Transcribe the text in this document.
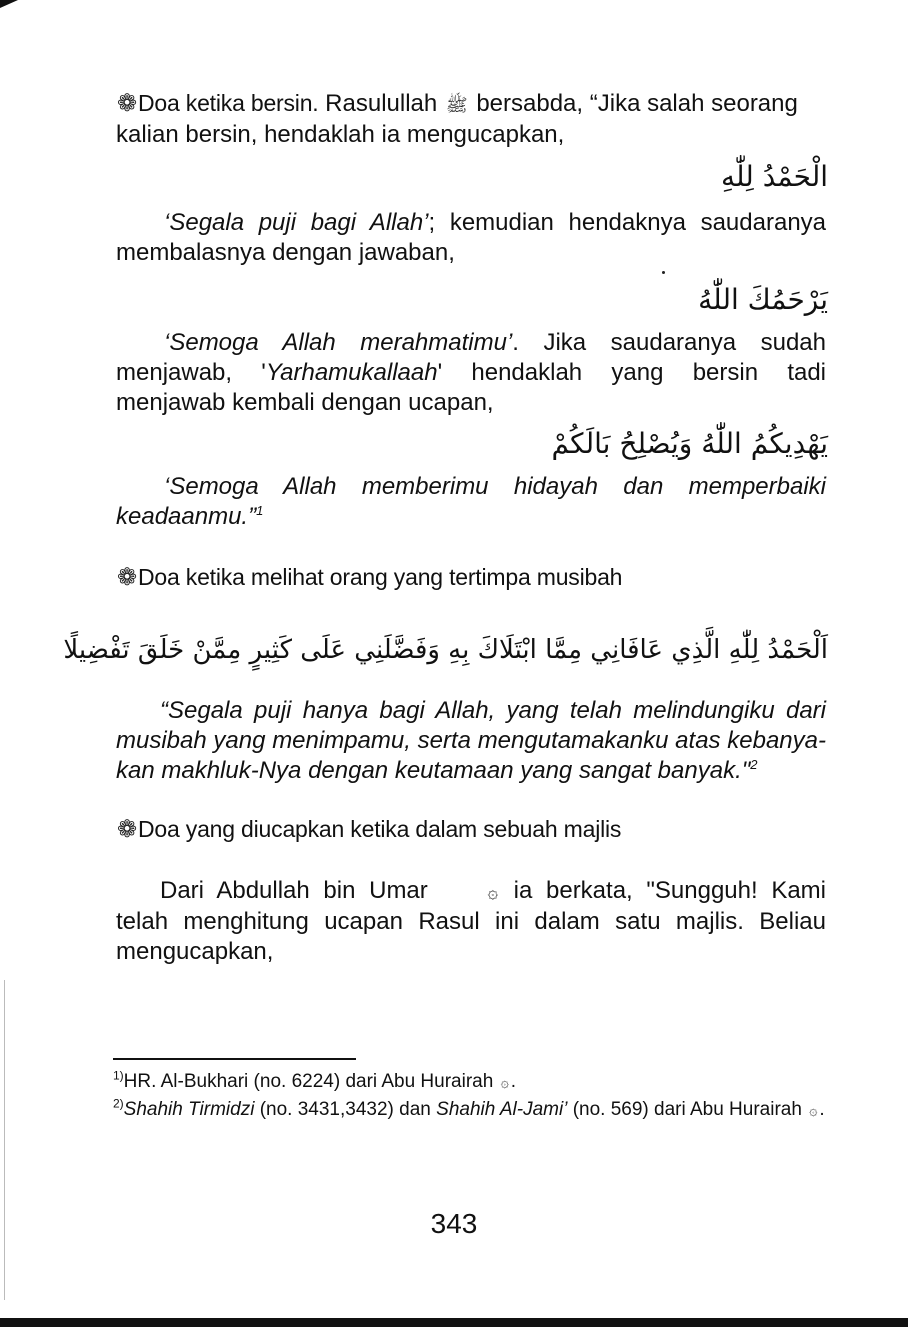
❁Doa ketika bersin. Rasulullah ﷺ bersabda, “Jika salah seorang kalian bersin, hendaklah ia mengucapkan,

الْحَمْدُ لِلّٰهِ

‘Segala puji bagi Allah’; kemudian hendaknya saudaranya membalasnya dengan jawaban,

يَرْحَمُكَ اللّٰهُ

‘Semoga Allah merahmatimu’. Jika saudaranya sudah menjawab, 'Yarhamukallaah' hendaklah yang bersin tadi menjawab kembali dengan ucapan,

يَهْدِيكُمُ اللّٰهُ وَيُصْلِحُ بَالَكُمْ

‘Semoga Allah memberimu hidayah dan memperbaiki keadaanmu.”$^1$

❁Doa ketika melihat orang yang tertimpa musibah

اَلْحَمْدُ لِلّٰهِ الَّذِي عَافَانِي مِمَّا ابْتَلَاكَ بِهِ وَفَضَّلَنِي عَلَى كَثِيرٍ مِمَّنْ خَلَقَ تَفْضِيلًا

“Segala puji hanya bagi Allah, yang telah melindungiku dari musibah yang menimpamu, serta mengutamakanku atas kebanya-kan makhluk-Nya dengan keutamaan yang sangat banyak."$^2$

❁Doa yang diucapkan ketika dalam sebuah majlis

Dari Abdullah bin Umar	۞ ia berkata, "Sungguh! Kami telah menghitung ucapan Rasul ini dalam satu majlis. Beliau mengucapkan,

$^{1)}$HR. Al-Bukhari (no. 6224) dari Abu Hurairah ۞ .

$^{2)}$Shahih Tirmidzi (no. 3431,3432) dan Shahih Al-Jami’ (no. 569) dari Abu Hurairah ۞ .

343
